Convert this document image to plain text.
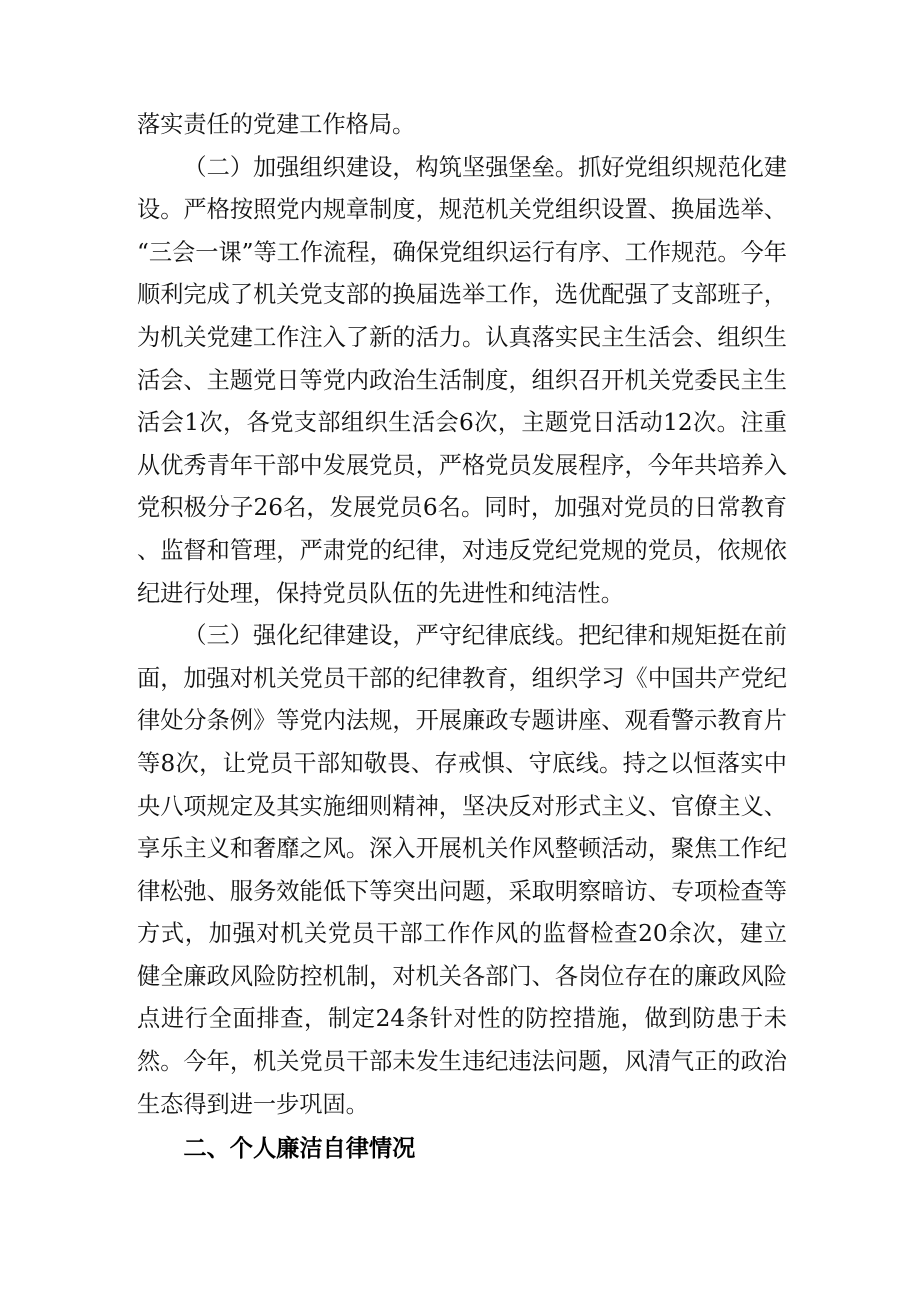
落实责任的党建工作格局。

（二）加强组织建设，构筑坚强堡垒。抓好党组织规范化建设。严格按照党内规章制度，规范机关党组织设置、换届选举、“三会一课”等工作流程，确保党组织运行有序、工作规范。今年顺利完成了机关党支部的换届选举工作，选优配强了支部班子，为机关党建工作注入了新的活力。认真落实民主生活会、组织生活会、主题党日等党内政治生活制度，组织召开机关党委民主生活会1次，各党支部组织生活会6次，主题党日活动12次。注重从优秀青年干部中发展党员，严格党员发展程序，今年共培养入党积极分子26名，发展党员6名。同时，加强对党员的日常教育、监督和管理，严肃党的纪律，对违反党纪党规的党员，依规依纪进行处理，保持党员队伍的先进性和纯洁性。

（三）强化纪律建设，严守纪律底线。把纪律和规矩挺在前面，加强对机关党员干部的纪律教育，组织学习《中国共产党纪律处分条例》等党内法规，开展廉政专题讲座、观看警示教育片等8次，让党员干部知敬畏、存戒惧、守底线。持之以恒落实中央八项规定及其实施细则精神，坚决反对形式主义、官僚主义、享乐主义和奢靡之风。深入开展机关作风整顿活动，聚焦工作纪律松弛、服务效能低下等突出问题，采取明察暗访、专项检查等方式，加强对机关党员干部工作作风的监督检查20余次，建立健全廉政风险防控机制，对机关各部门、各岗位存在的廉政风险点进行全面排查，制定24条针对性的防控措施，做到防患于未然。今年，机关党员干部未发生违纪违法问题，风清气正的政治生态得到进一步巩固。

二、个人廉洁自律情况
